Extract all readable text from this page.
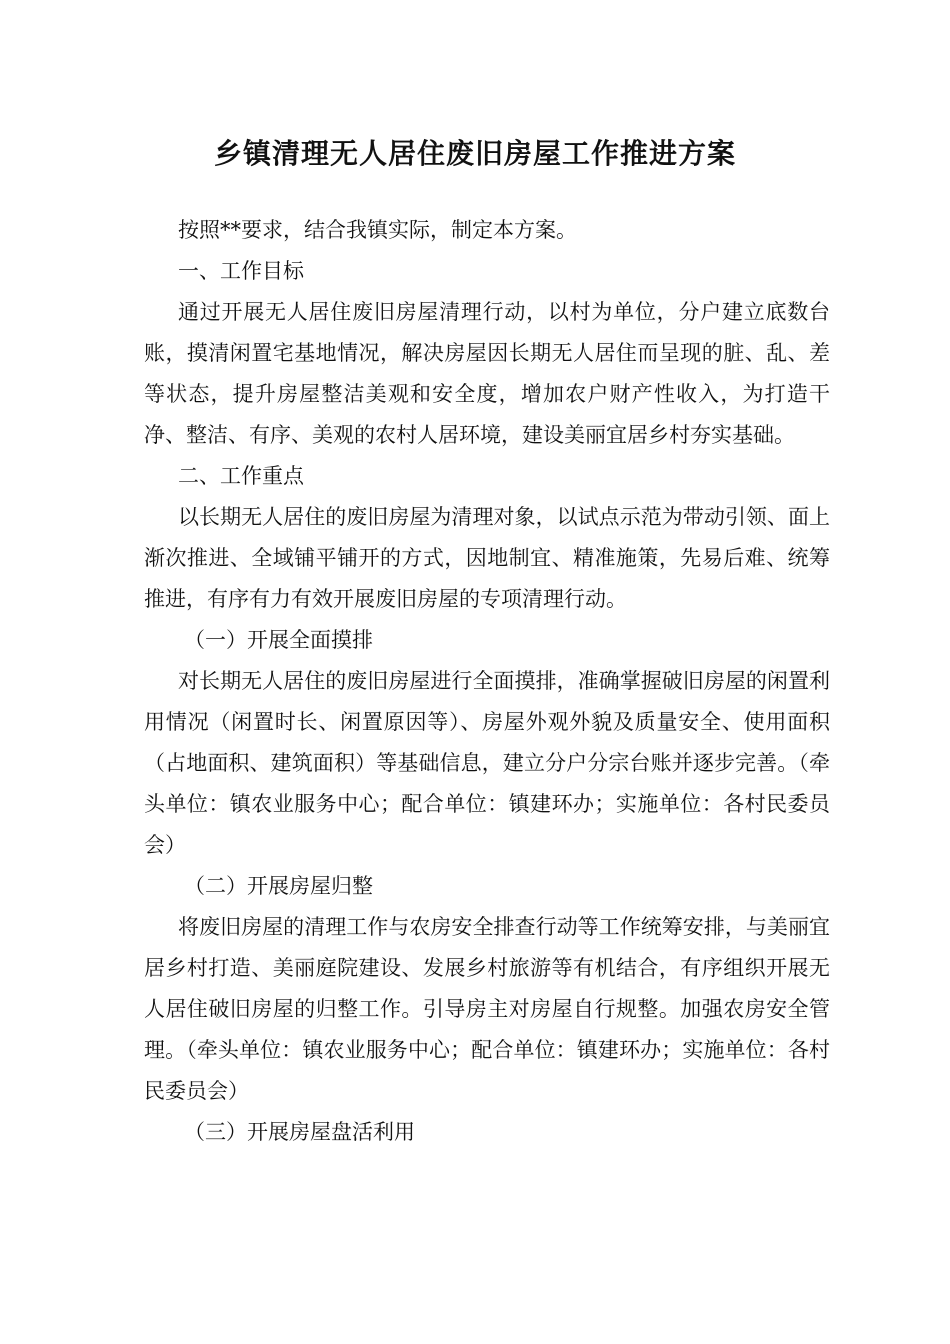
乡镇清理无人居住废旧房屋工作推进方案

按照**要求，结合我镇实际，制定本方案。

一、工作目标

通过开展无人居住废旧房屋清理行动，以村为单位，分户建立底数台账，摸清闲置宅基地情况，解决房屋因长期无人居住而呈现的脏、乱、差等状态，提升房屋整洁美观和安全度，增加农户财产性收入，为打造干净、整洁、有序、美观的农村人居环境，建设美丽宜居乡村夯实基础。

二、工作重点

以长期无人居住的废旧房屋为清理对象，以试点示范为带动引领、面上渐次推进、全域铺平铺开的方式，因地制宜、精准施策，先易后难、统筹推进，有序有力有效开展废旧房屋的专项清理行动。

（一）开展全面摸排

对长期无人居住的废旧房屋进行全面摸排，准确掌握破旧房屋的闲置利用情况（闲置时长、闲置原因等）、房屋外观外貌及质量安全、使用面积（占地面积、建筑面积）等基础信息，建立分户分宗台账并逐步完善。（牵头单位：镇农业服务中心；配合单位：镇建环办；实施单位：各村民委员会）

（二）开展房屋归整

将废旧房屋的清理工作与农房安全排查行动等工作统筹安排，与美丽宜居乡村打造、美丽庭院建设、发展乡村旅游等有机结合，有序组织开展无人居住破旧房屋的归整工作。引导房主对房屋自行规整。加强农房安全管理。（牵头单位：镇农业服务中心；配合单位：镇建环办；实施单位：各村民委员会）

（三）开展房屋盘活利用
